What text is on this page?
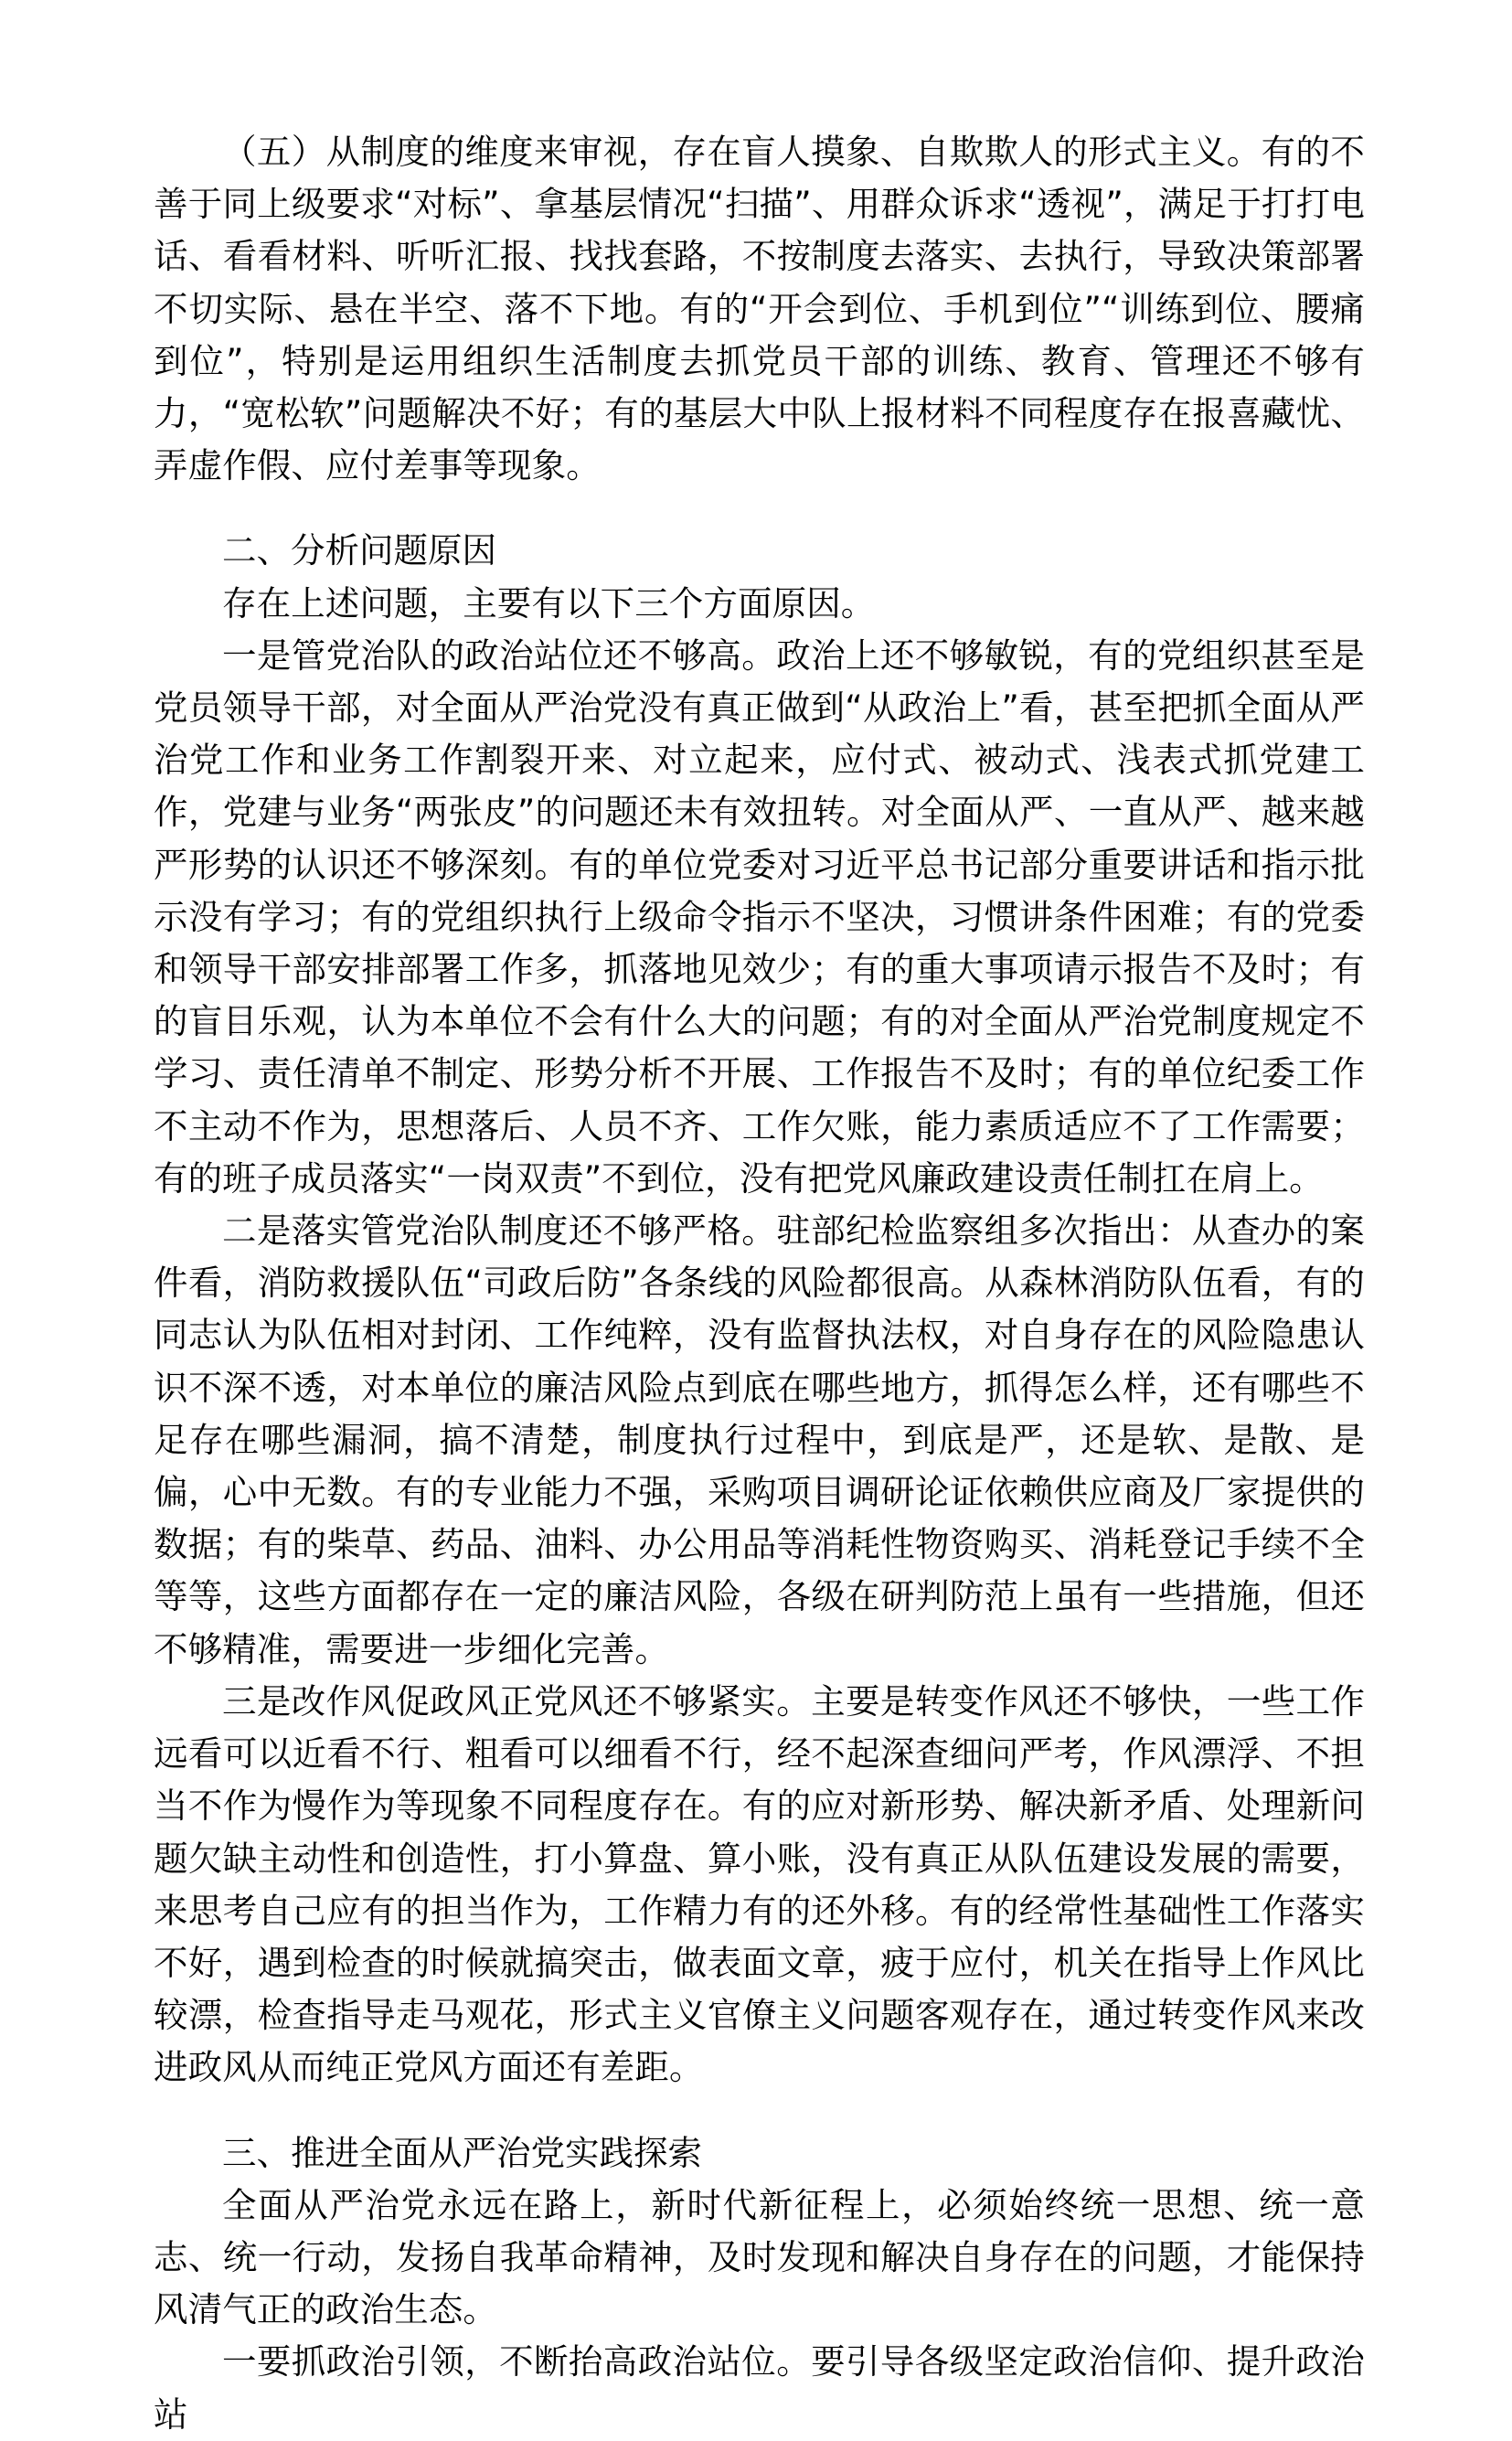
（五）从制度的维度来审视，存在盲人摸象、自欺欺人的形式主义。有的不善于同上级要求“对标”、拿基层情况“扫描”、用群众诉求“透视”，满足于打打电话、看看材料、听听汇报、找找套路，不按制度去落实、去执行，导致决策部署不切实际、悬在半空、落不下地。有的“开会到位、手机到位”“训练到位、腰痛到位”，特别是运用组织生活制度去抓党员干部的训练、教育、管理还不够有力，“宽松软”问题解决不好；有的基层大中队上报材料不同程度存在报喜藏忧、弄虚作假、应付差事等现象。

二、分析问题原因

存在上述问题，主要有以下三个方面原因。

一是管党治队的政治站位还不够高。政治上还不够敏锐，有的党组织甚至是党员领导干部，对全面从严治党没有真正做到“从政治上”看，甚至把抓全面从严治党工作和业务工作割裂开来、对立起来，应付式、被动式、浅表式抓党建工作，党建与业务“两张皮”的问题还未有效扭转。对全面从严、一直从严、越来越严形势的认识还不够深刻。有的单位党委对习近平总书记部分重要讲话和指示批示没有学习；有的党组织执行上级命令指示不坚决，习惯讲条件困难；有的党委和领导干部安排部署工作多，抓落地见效少；有的重大事项请示报告不及时；有的盲目乐观，认为本单位不会有什么大的问题；有的对全面从严治党制度规定不学习、责任清单不制定、形势分析不开展、工作报告不及时；有的单位纪委工作不主动不作为，思想落后、人员不齐、工作欠账，能力素质适应不了工作需要；有的班子成员落实“一岗双责”不到位，没有把党风廉政建设责任制扛在肩上。

二是落实管党治队制度还不够严格。驻部纪检监察组多次指出：从查办的案件看，消防救援队伍“司政后防”各条线的风险都很高。从森林消防队伍看，有的同志认为队伍相对封闭、工作纯粹，没有监督执法权，对自身存在的风险隐患认识不深不透，对本单位的廉洁风险点到底在哪些地方，抓得怎么样，还有哪些不足存在哪些漏洞，搞不清楚，制度执行过程中，到底是严，还是软、是散、是偏，心中无数。有的专业能力不强，采购项目调研论证依赖供应商及厂家提供的数据；有的柴草、药品、油料、办公用品等消耗性物资购买、消耗登记手续不全等等，这些方面都存在一定的廉洁风险，各级在研判防范上虽有一些措施，但还不够精准，需要进一步细化完善。

三是改作风促政风正党风还不够紧实。主要是转变作风还不够快，一些工作远看可以近看不行、粗看可以细看不行，经不起深查细问严考，作风漂浮、不担当不作为慢作为等现象不同程度存在。有的应对新形势、解决新矛盾、处理新问题欠缺主动性和创造性，打小算盘、算小账，没有真正从队伍建设发展的需要，来思考自己应有的担当作为，工作精力有的还外移。有的经常性基础性工作落实不好，遇到检查的时候就搞突击，做表面文章，疲于应付，机关在指导上作风比较漂，检查指导走马观花，形式主义官僚主义问题客观存在，通过转变作风来改进政风从而纯正党风方面还有差距。

三、推进全面从严治党实践探索

全面从严治党永远在路上，新时代新征程上，必须始终统一思想、统一意志、统一行动，发扬自我革命精神，及时发现和解决自身存在的问题，才能保持风清气正的政治生态。

一要抓政治引领，不断抬高政治站位。要引导各级坚定政治信仰、提升政治站
